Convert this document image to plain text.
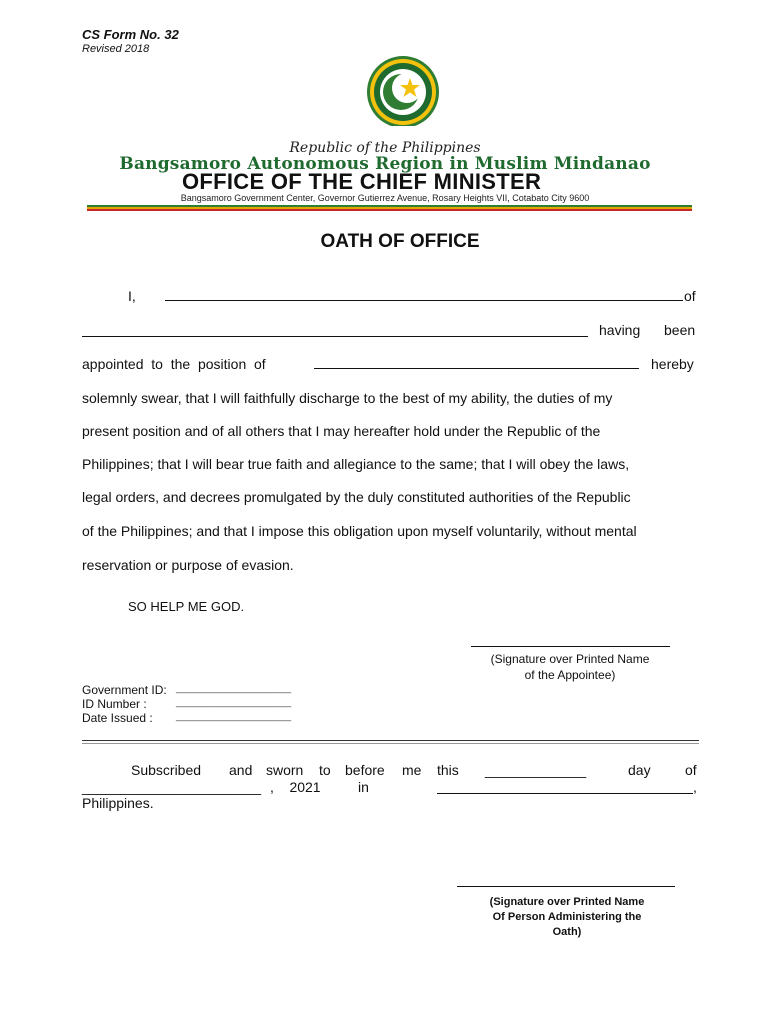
CS Form No. 32
Revised 2018
Republic of the Philippines
Bangsamoro Autonomous Region in Muslim Mindanao
OFFICE OF THE CHIEF MINISTER
Bangsamoro Government Center, Governor Gutierrez Avenue, Rosary Heights VII, Cotabato City 9600
OATH OF OFFICE
I,	of
having been
appointed  to  the  position  of	hereby
solemnly swear, that I will faithfully discharge to the best of my ability, the duties of my
present position and of all others that I may hereafter hold under the Republic of the
Philippines; that I will bear true faith and allegiance to the same; that I will obey the laws,
legal orders, and decrees promulgated by the duly constituted authorities of the Republic
of the Philippines; and that I impose this obligation upon myself voluntarily, without mental
reservation or purpose of evasion.
SO HELP ME GOD.
(Signature over Printed Name
of the Appointee)
Government ID: ____________________
ID Number :	____________________
Date Issued : ____________________
Subscribed and sworn to before me this _____________	day of
_______________________ ,    2021	in	,
Philippines.
(Signature over Printed Name
Of Person Administering the
Oath)
